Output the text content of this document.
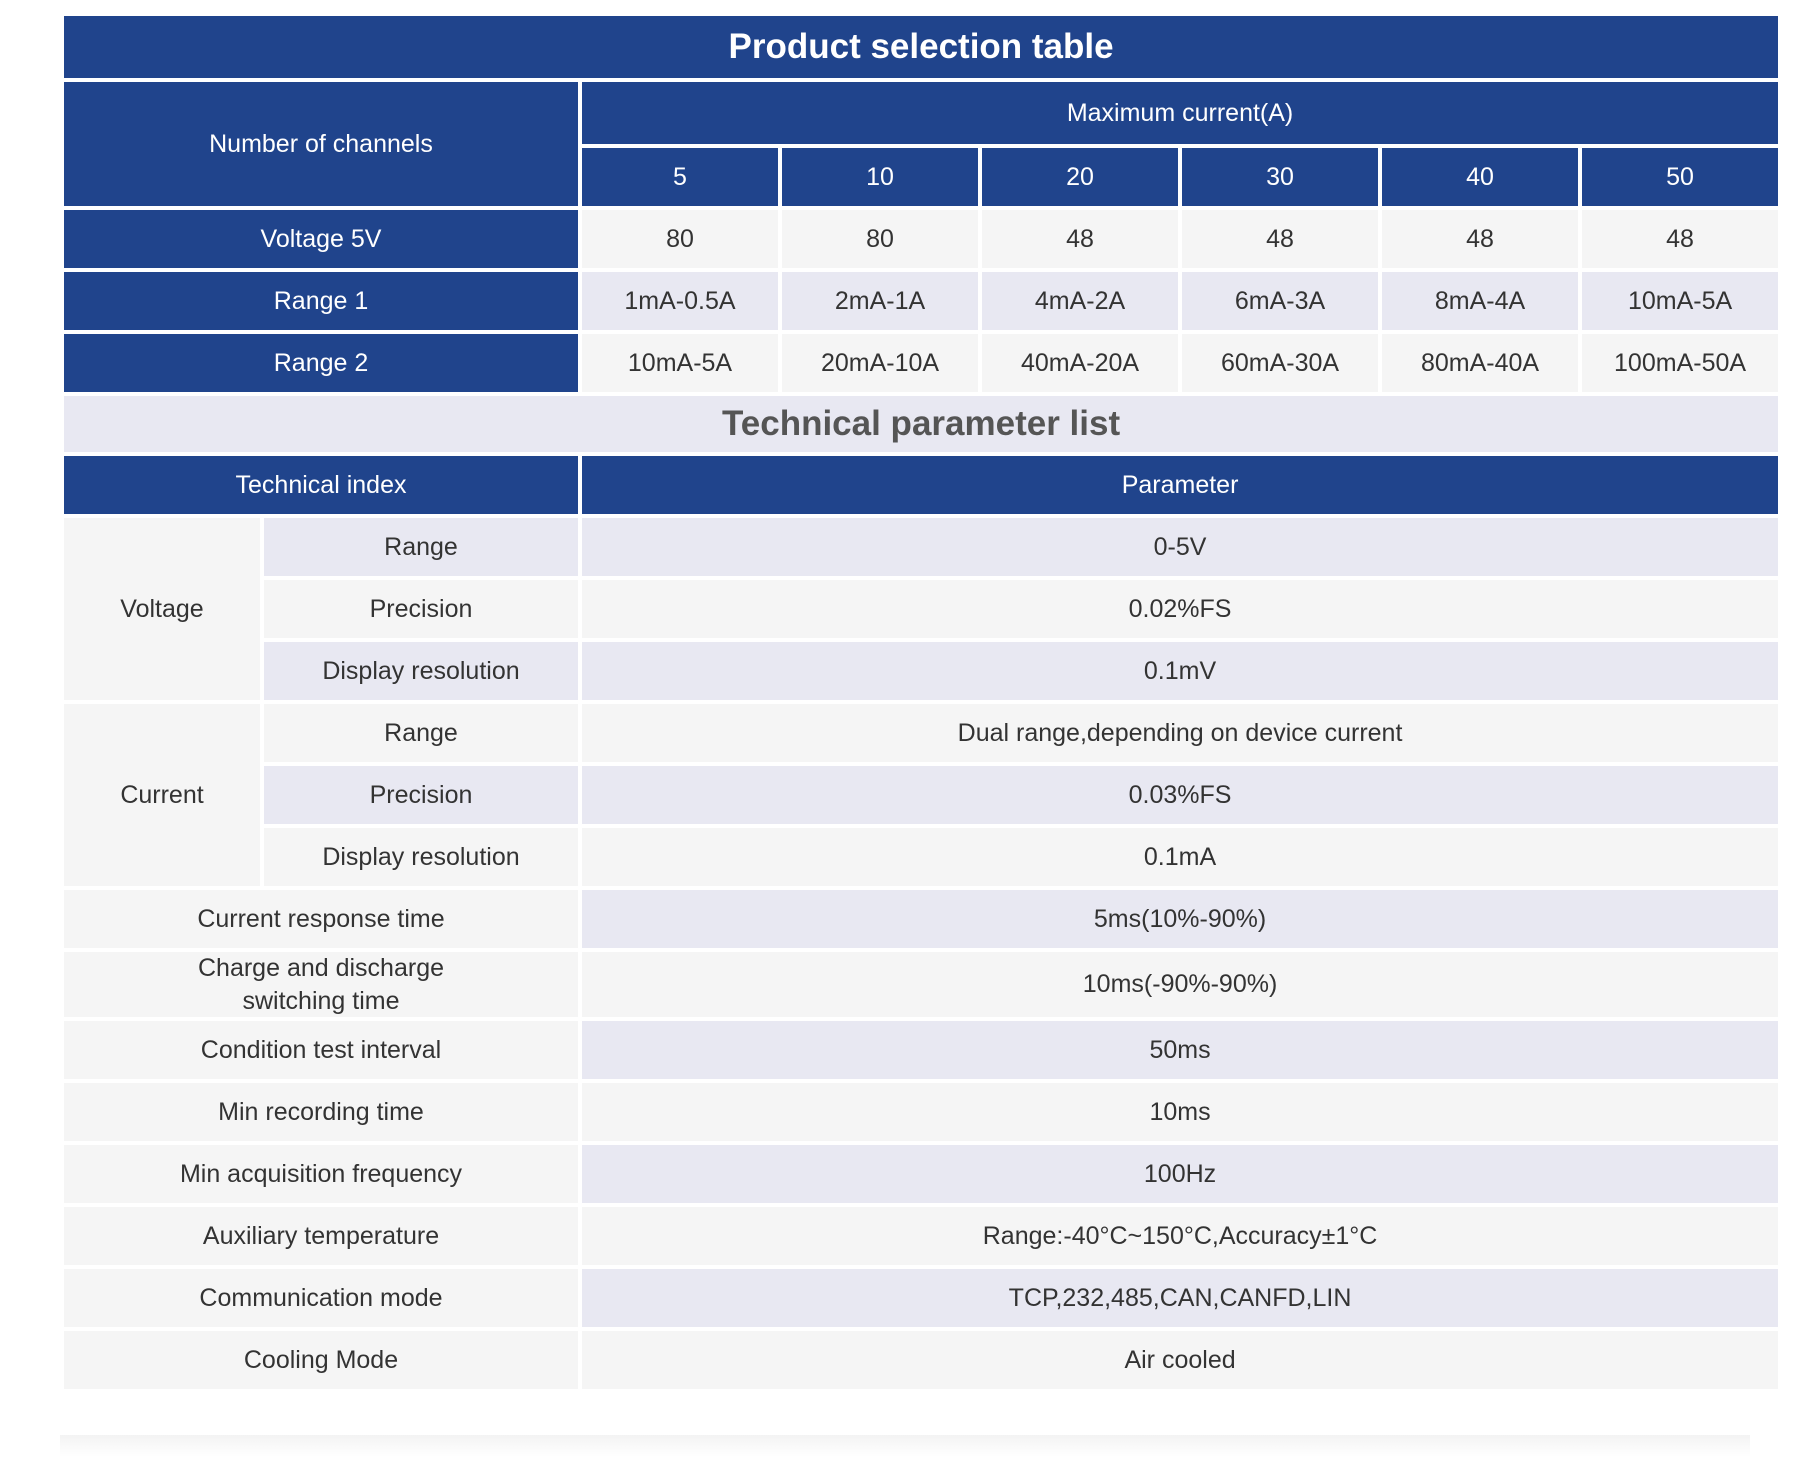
Product selection table							
Number of channels		Maximum current(A)					
		5	10	20	30	40	50
Voltage 5V		80	80	48	48	48	48
Range 1		1mA-0.5A	2mA-1A	4mA-2A	6mA-3A	8mA-4A	10mA-5A
Range 2		10mA-5A	20mA-10A	40mA-20A	60mA-30A	80mA-40A	100mA-50A
Technical parameter list							
Technical index		Parameter					
Voltage	Range	0-5V					
	Precision	0.02%FS					
	Display resolution	0.1mV					
Current	Range	Dual range,depending on device current					
	Precision	0.03%FS					
	Display resolution	0.1mA					
Current response time		5ms(10%-90%)					
Charge and discharge switching time		10ms(-90%-90%)					
Condition test interval		50ms					
Min recording time		10ms					
Min acquisition frequency		100Hz					
Auxiliary temperature		Range:-40°C~150°C,Accuracy±1°C					
Communication mode		TCP,232,485,CAN,CANFD,LIN					
Cooling Mode		Air cooled					
